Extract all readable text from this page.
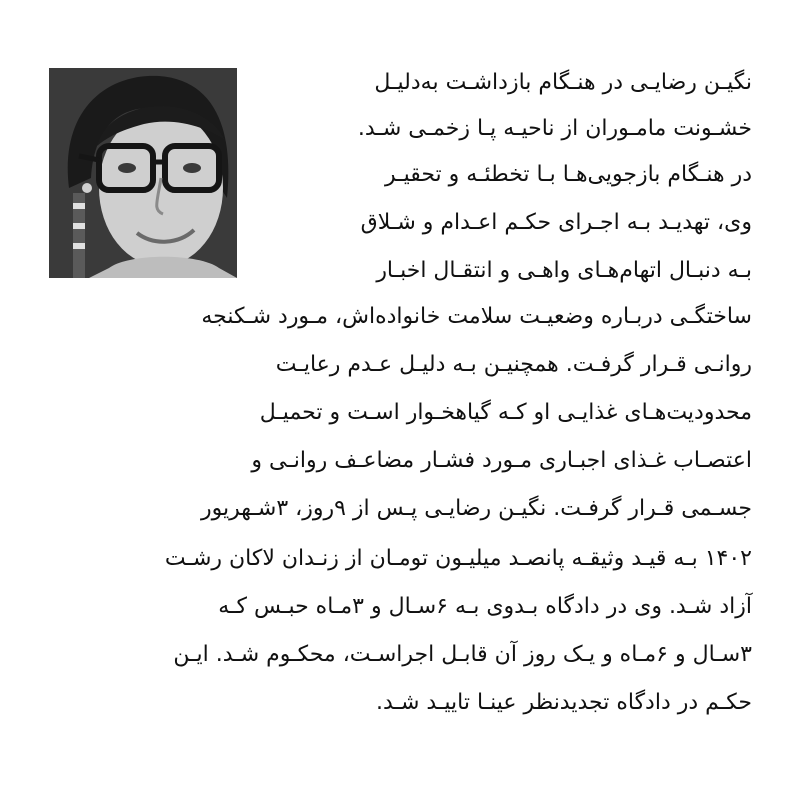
نگیـن رضایـی در هنـگام بازداشـت به‌دلیـل
خشـونت مامـوران از ناحیـه پـا زخمـی شـد.
در هنـگام بازجویی‌هـا بـا تخطئـه و تحقیـر
وی، تهدیـد بـه اجـرای حکـم اعـدام و شـلاق
بـه دنبـال اتهام‌هـای واهـی و انتقـال اخبـار
ساختگـی دربـاره وضعیـت سلامت خانواده‌اش، مـورد شـکنجه
روانـی قـرار گرفـت. همچنیـن بـه دلیـل عـدم رعایـت
محدودیت‌هـای غذایـی او کـه گیاهخـوار اسـت و تحمیـل
اعتصـاب غـذای اجبـاری مـورد فشـار مضاعـف روانـی و
جسـمی قـرار گرفـت. نگیـن رضایـی پـس از ۹روز، ۳شـهریور
۱۴۰۲ بـه قیـد وثیقـه پانصـد میلیـون تومـان از زنـدان لاکان رشـت
آزاد شـد. وی در دادگاه بـدوی بـه ۶سـال و ۳مـاه حبـس کـه
۳سـال و ۶مـاه و یـک روز آن قابـل اجراسـت، محکـوم شـد. ایـن
حکـم در دادگاه تجدیدنظر عینـا تاییـد شـد.
